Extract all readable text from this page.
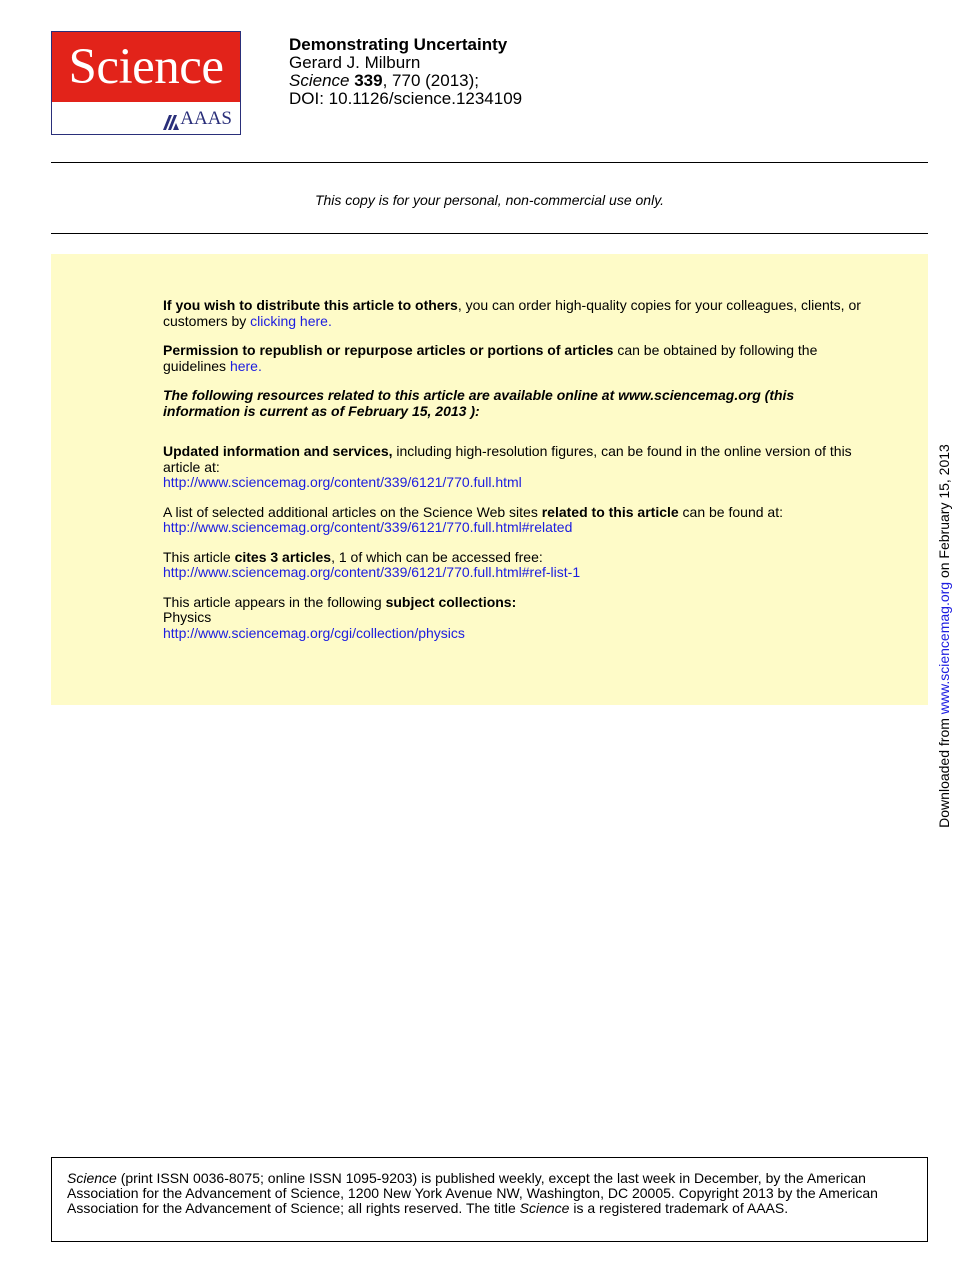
Science
AAAS
Demonstrating Uncertainty
Gerard J. Milburn
Science 339, 770 (2013);
DOI: 10.1126/science.1234109
This copy is for your personal, non-commercial use only.

If you wish to distribute this article to others, you can order high-quality copies for your colleagues, clients, or customers by clicking here.

Permission to republish or repurpose articles or portions of articles can be obtained by following the guidelines here.

The following resources related to this article are available online at www.sciencemag.org (this information is current as of February 15, 2013 ):

Updated information and services, including high-resolution figures, can be found in the online version of this article at:
http://www.sciencemag.org/content/339/6121/770.full.html

A list of selected additional articles on the Science Web sites related to this article can be found at:
http://www.sciencemag.org/content/339/6121/770.full.html#related

This article cites 3 articles, 1 of which can be accessed free:
http://www.sciencemag.org/content/339/6121/770.full.html#ref-list-1

This article appears in the following subject collections:
Physics
http://www.sciencemag.org/cgi/collection/physics

Downloaded from www.sciencemag.org on February 15, 2013
Science (print ISSN 0036-8075; online ISSN 1095-9203) is published weekly, except the last week in December, by the American Association for the Advancement of Science, 1200 New York Avenue NW, Washington, DC 20005. Copyright 2013 by the American Association for the Advancement of Science; all rights reserved. The title Science is a registered trademark of AAAS.
